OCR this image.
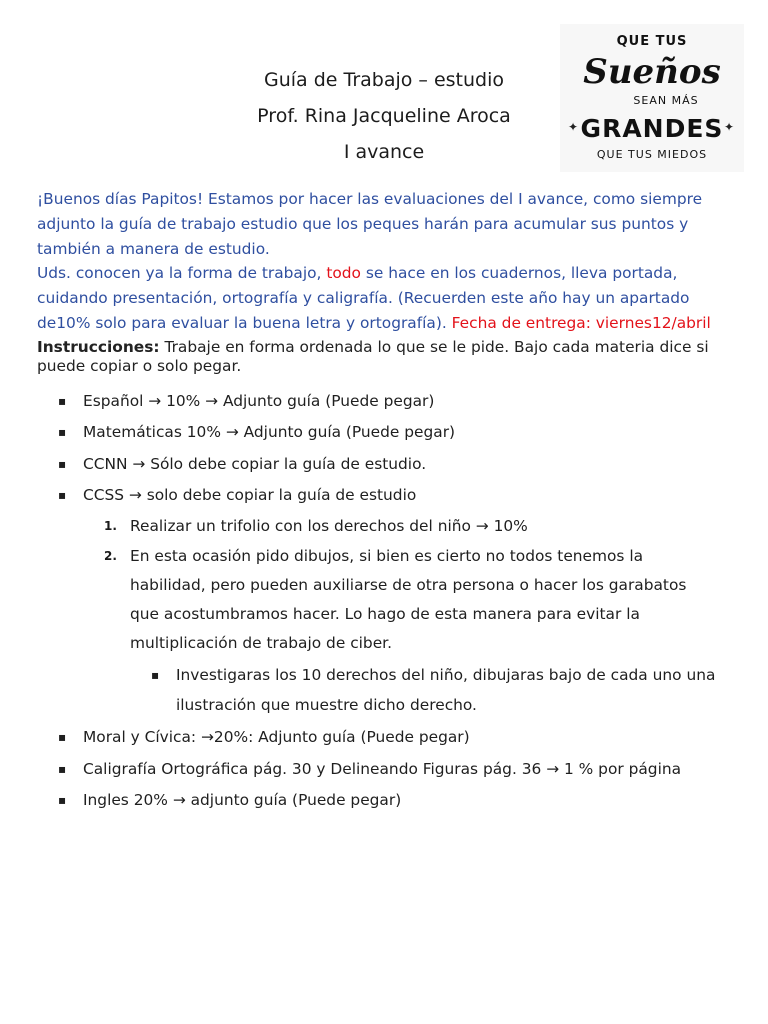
Guía de Trabajo – estudio
Prof. Rina Jacqueline Aroca
I avance
QUE TUS
Sueños
SEAN MÁS
GRANDES
QUE TUS MIEDOS
✦	✦
¡Buenos días Papitos! Estamos por hacer las evaluaciones del I avance, como siempre adjunto la guía de trabajo estudio que los peques harán para acumular sus puntos y también a manera de estudio.
Uds. conocen ya la forma de trabajo, todo se hace en los cuadernos, lleva portada, cuidando presentación, ortografía y caligrafía. (Recuerden este año hay un apartado de10% solo para evaluar la buena letra y ortografía). Fecha de entrega: viernes12/abril
Instrucciones: Trabaje en forma ordenada lo que se le pide. Bajo cada materia dice si puede copiar o solo pegar.
▪ Español → 10% → Adjunto guía (Puede pegar)
▪ Matemáticas 10% → Adjunto guía (Puede pegar)
▪ CCNN → Sólo debe copiar la guía de estudio.
▪ CCSS → solo debe copiar la guía de estudio
1. Realizar un trifolio con los derechos del niño → 10%
2. En esta ocasión pido dibujos, si bien es cierto no todos tenemos la
habilidad, pero pueden auxiliarse de otra persona o hacer los garabatos
que acostumbramos hacer. Lo hago de esta manera para evitar la
multiplicación de trabajo de ciber.
▪ Investigaras los 10 derechos del niño, dibujaras bajo de cada uno una
ilustración que muestre dicho derecho.
▪ Moral y Cívica: →20%: Adjunto guía (Puede pegar)
▪ Caligrafía Ortográfica pág. 30 y Delineando Figuras pág. 36 → 1 % por página
▪ Ingles 20% → adjunto guía (Puede pegar)
